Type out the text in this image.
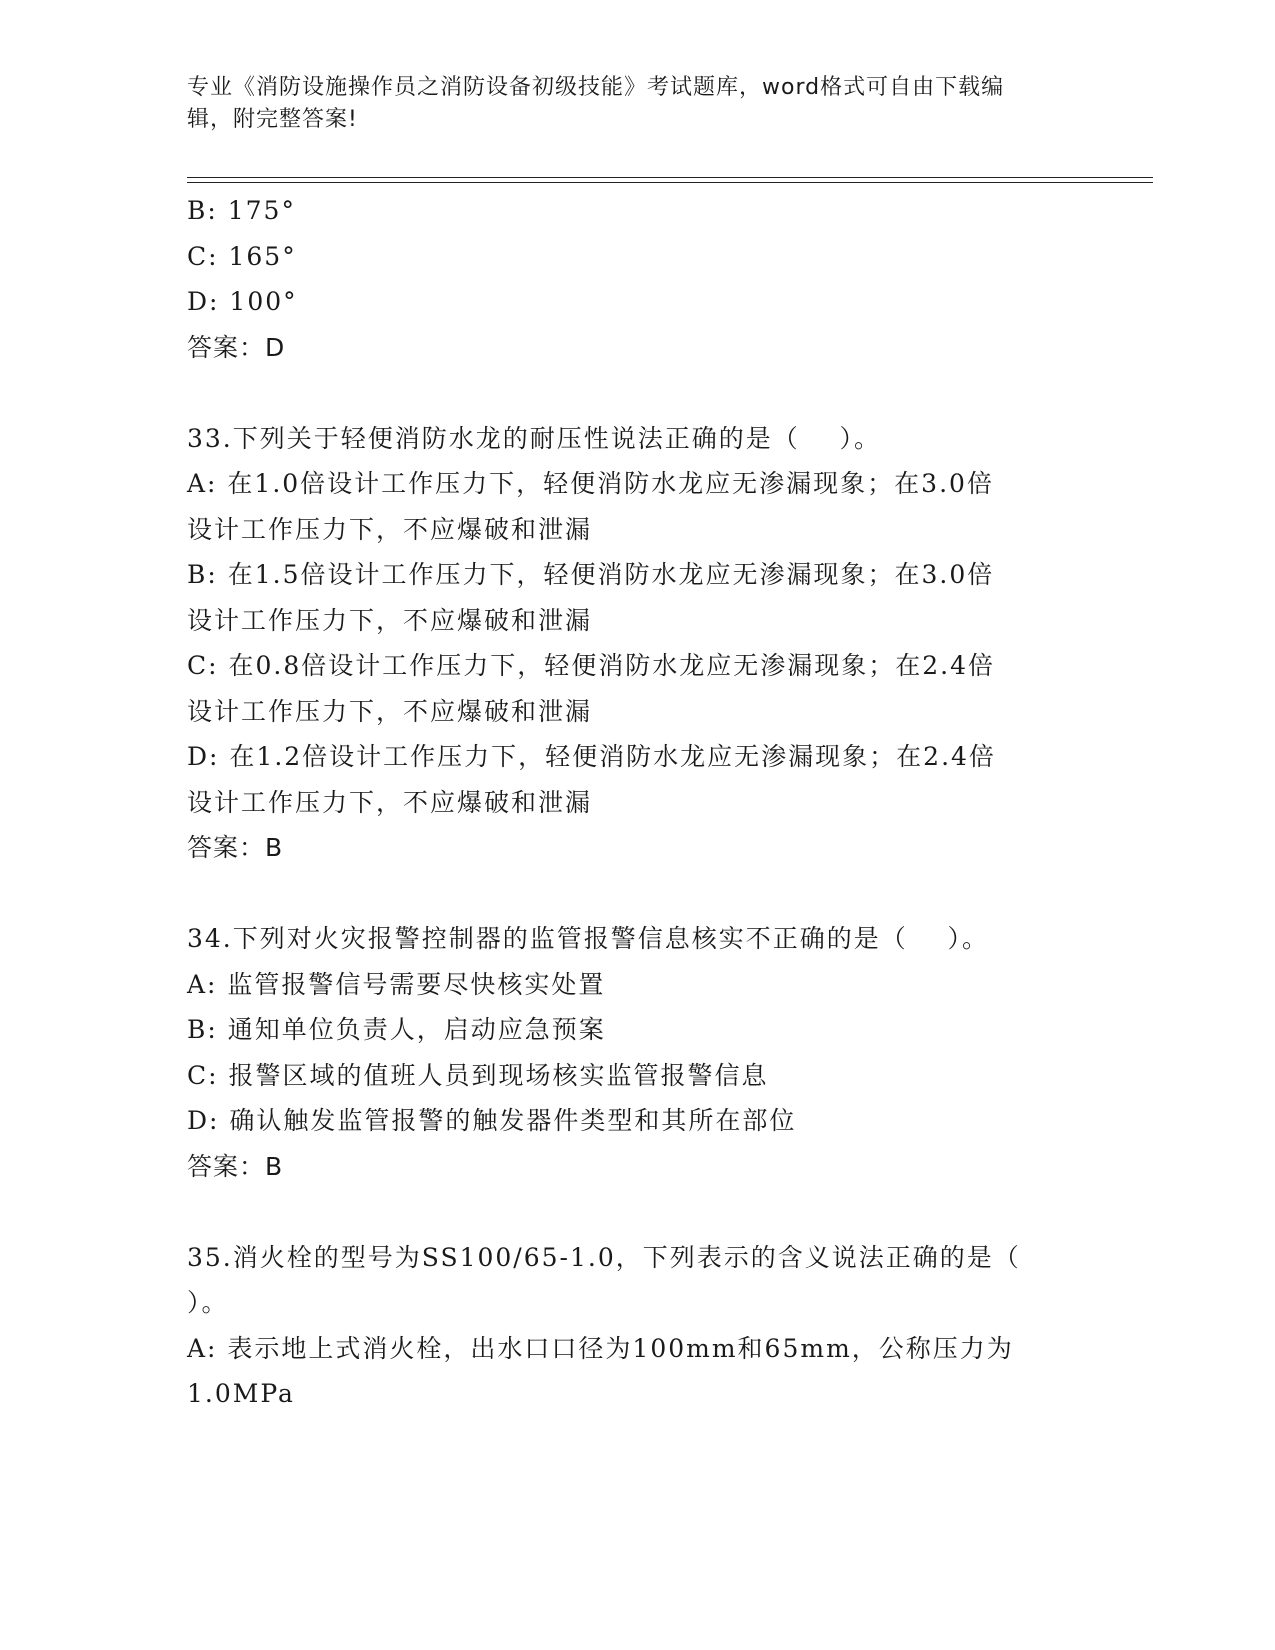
专业《消防设施操作员之消防设备初级技能》考试题库，word格式可自由下载编
辑，附完整答案!
B: 175°
C: 165°
D: 100°
答案：D
33.下列关于轻便消防水龙的耐压性说法正确的是（    ）。
A: 在1.0倍设计工作压力下，轻便消防水龙应无渗漏现象；在3.0倍
设计工作压力下，不应爆破和泄漏
B: 在1.5倍设计工作压力下，轻便消防水龙应无渗漏现象；在3.0倍
设计工作压力下，不应爆破和泄漏
C: 在0.8倍设计工作压力下，轻便消防水龙应无渗漏现象；在2.4倍
设计工作压力下，不应爆破和泄漏
D: 在1.2倍设计工作压力下，轻便消防水龙应无渗漏现象；在2.4倍
设计工作压力下，不应爆破和泄漏
答案：B
34.下列对火灾报警控制器的监管报警信息核实不正确的是（    ）。
A: 监管报警信号需要尽快核实处置
B: 通知单位负责人，启动应急预案
C: 报警区域的值班人员到现场核实监管报警信息
D: 确认触发监管报警的触发器件类型和其所在部位
答案：B
35.消火栓的型号为SS100/65-1.0，下列表示的含义说法正确的是（
）。
A: 表示地上式消火栓，出水口口径为100mm和65mm，公称压力为
1.0MPa
